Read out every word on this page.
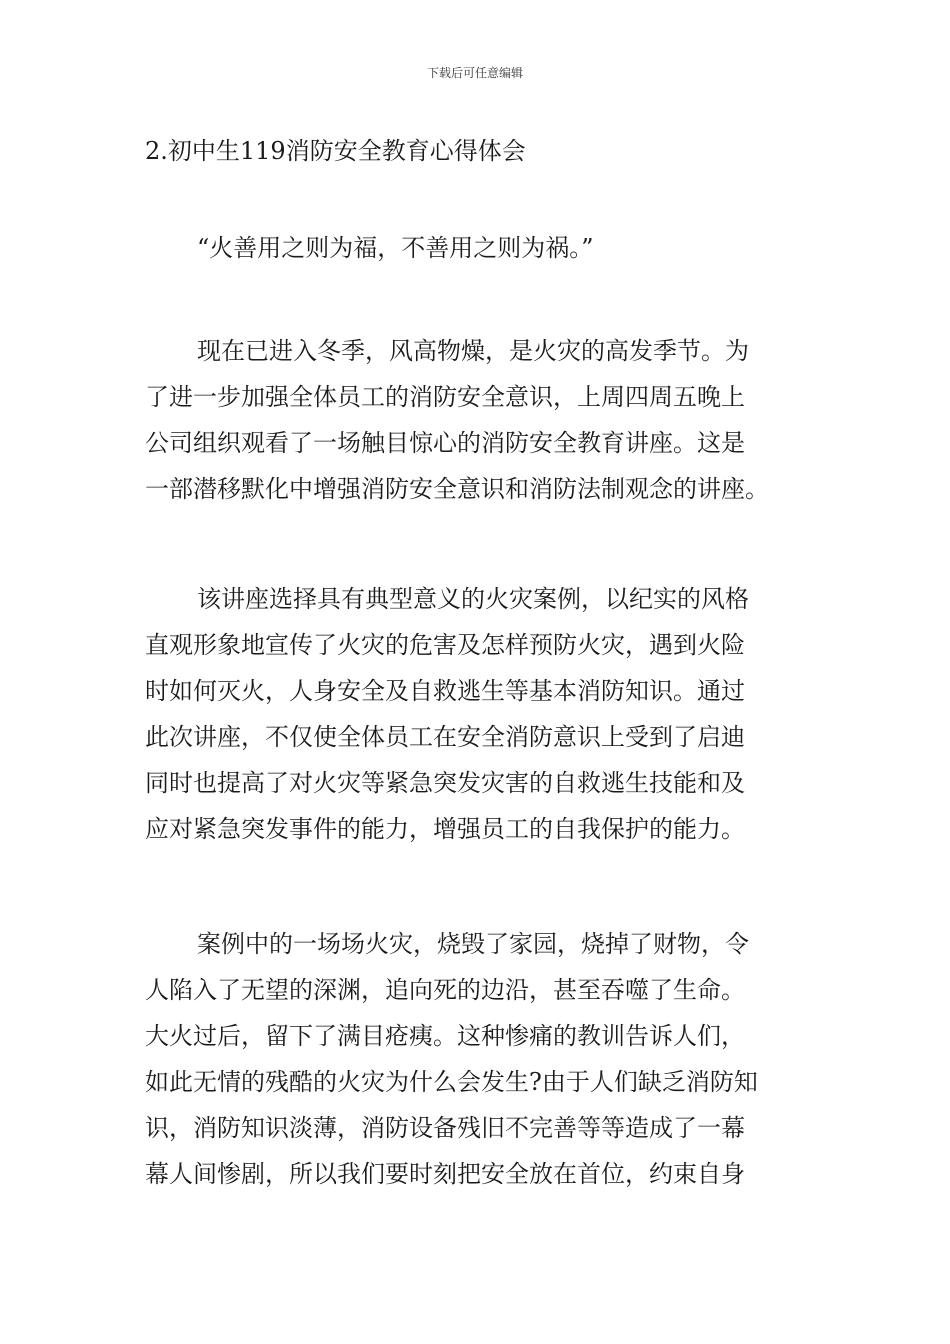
下载后可任意编辑
2.初中生119消防安全教育心得体会
“火善用之则为福，不善用之则为祸。”
现在已进入冬季，风高物燥，是火灾的高发季节。为
了进一步加强全体员工的消防安全意识，上周四周五晚上
公司组织观看了一场触目惊心的消防安全教育讲座。这是
一部潜移默化中增强消防安全意识和消防法制观念的讲座。
该讲座选择具有典型意义的火灾案例，以纪实的风格
直观形象地宣传了火灾的危害及怎样预防火灾，遇到火险
时如何灭火，人身安全及自救逃生等基本消防知识。通过
此次讲座，不仅使全体员工在安全消防意识上受到了启迪
同时也提高了对火灾等紧急突发灾害的自救逃生技能和及
应对紧急突发事件的能力，增强员工的自我保护的能力。
案例中的一场场火灾，烧毁了家园，烧掉了财物，令
人陷入了无望的深渊，追向死的边沿，甚至吞噬了生命。
大火过后，留下了满目疮痍。这种惨痛的教训告诉人们，
如此无情的残酷的火灾为什么会发生?由于人们缺乏消防知
识，消防知识淡薄，消防设备残旧不完善等等造成了一幕
幕人间惨剧，所以我们要时刻把安全放在首位，约束自身
